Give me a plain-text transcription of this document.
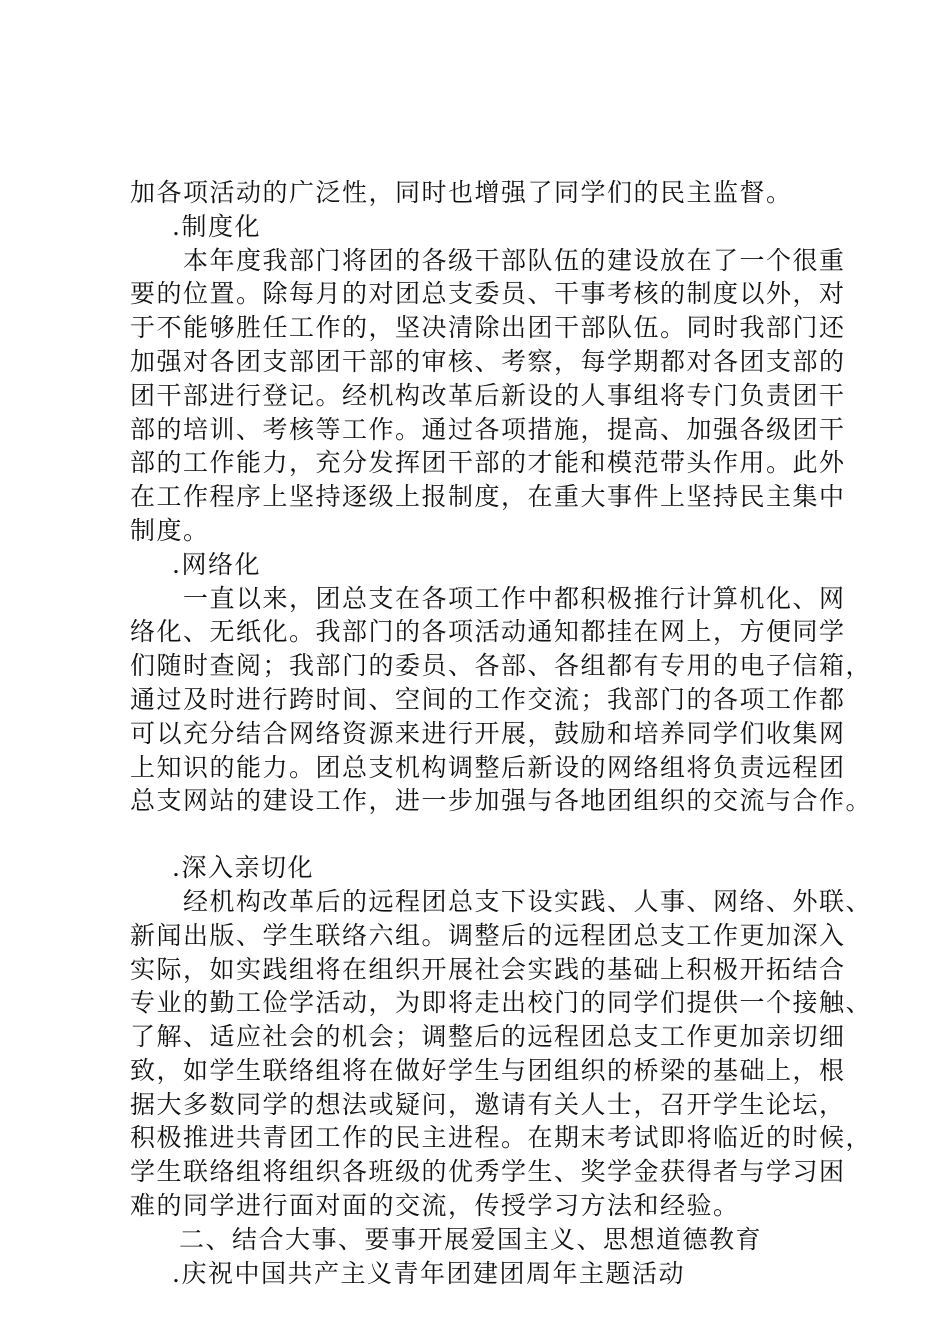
加各项活动的广泛性，同时也增强了同学们的民主监督。
.制度化
本年度我部门将团的各级干部队伍的建设放在了一个很重
要的位置。除每月的对团总支委员、干事考核的制度以外，对
于不能够胜任工作的，坚决清除出团干部队伍。同时我部门还
加强对各团支部团干部的审核、考察，每学期都对各团支部的
团干部进行登记。经机构改革后新设的人事组将专门负责团干
部的培训、考核等工作。通过各项措施，提高、加强各级团干
部的工作能力，充分发挥团干部的才能和模范带头作用。此外
在工作程序上坚持逐级上报制度，在重大事件上坚持民主集中
制度。
.网络化
一直以来，团总支在各项工作中都积极推行计算机化、网
络化、无纸化。我部门的各项活动通知都挂在网上，方便同学
们随时查阅；我部门的委员、各部、各组都有专用的电子信箱，
通过及时进行跨时间、空间的工作交流；我部门的各项工作都
可以充分结合网络资源来进行开展，鼓励和培养同学们收集网
上知识的能力。团总支机构调整后新设的网络组将负责远程团
总支网站的建设工作，进一步加强与各地团组织的交流与合作。
.深入亲切化
经机构改革后的远程团总支下设实践、人事、网络、外联、
新闻出版、学生联络六组。调整后的远程团总支工作更加深入
实际，如实践组将在组织开展社会实践的基础上积极开拓结合
专业的勤工俭学活动，为即将走出校门的同学们提供一个接触、
了解、适应社会的机会；调整后的远程团总支工作更加亲切细
致，如学生联络组将在做好学生与团组织的桥梁的基础上，根
据大多数同学的想法或疑问，邀请有关人士，召开学生论坛，
积极推进共青团工作的民主进程。在期末考试即将临近的时候，
学生联络组将组织各班级的优秀学生、奖学金获得者与学习困
难的同学进行面对面的交流，传授学习方法和经验。
二、结合大事、要事开展爱国主义、思想道德教育
.庆祝中国共产主义青年团建团周年主题活动
